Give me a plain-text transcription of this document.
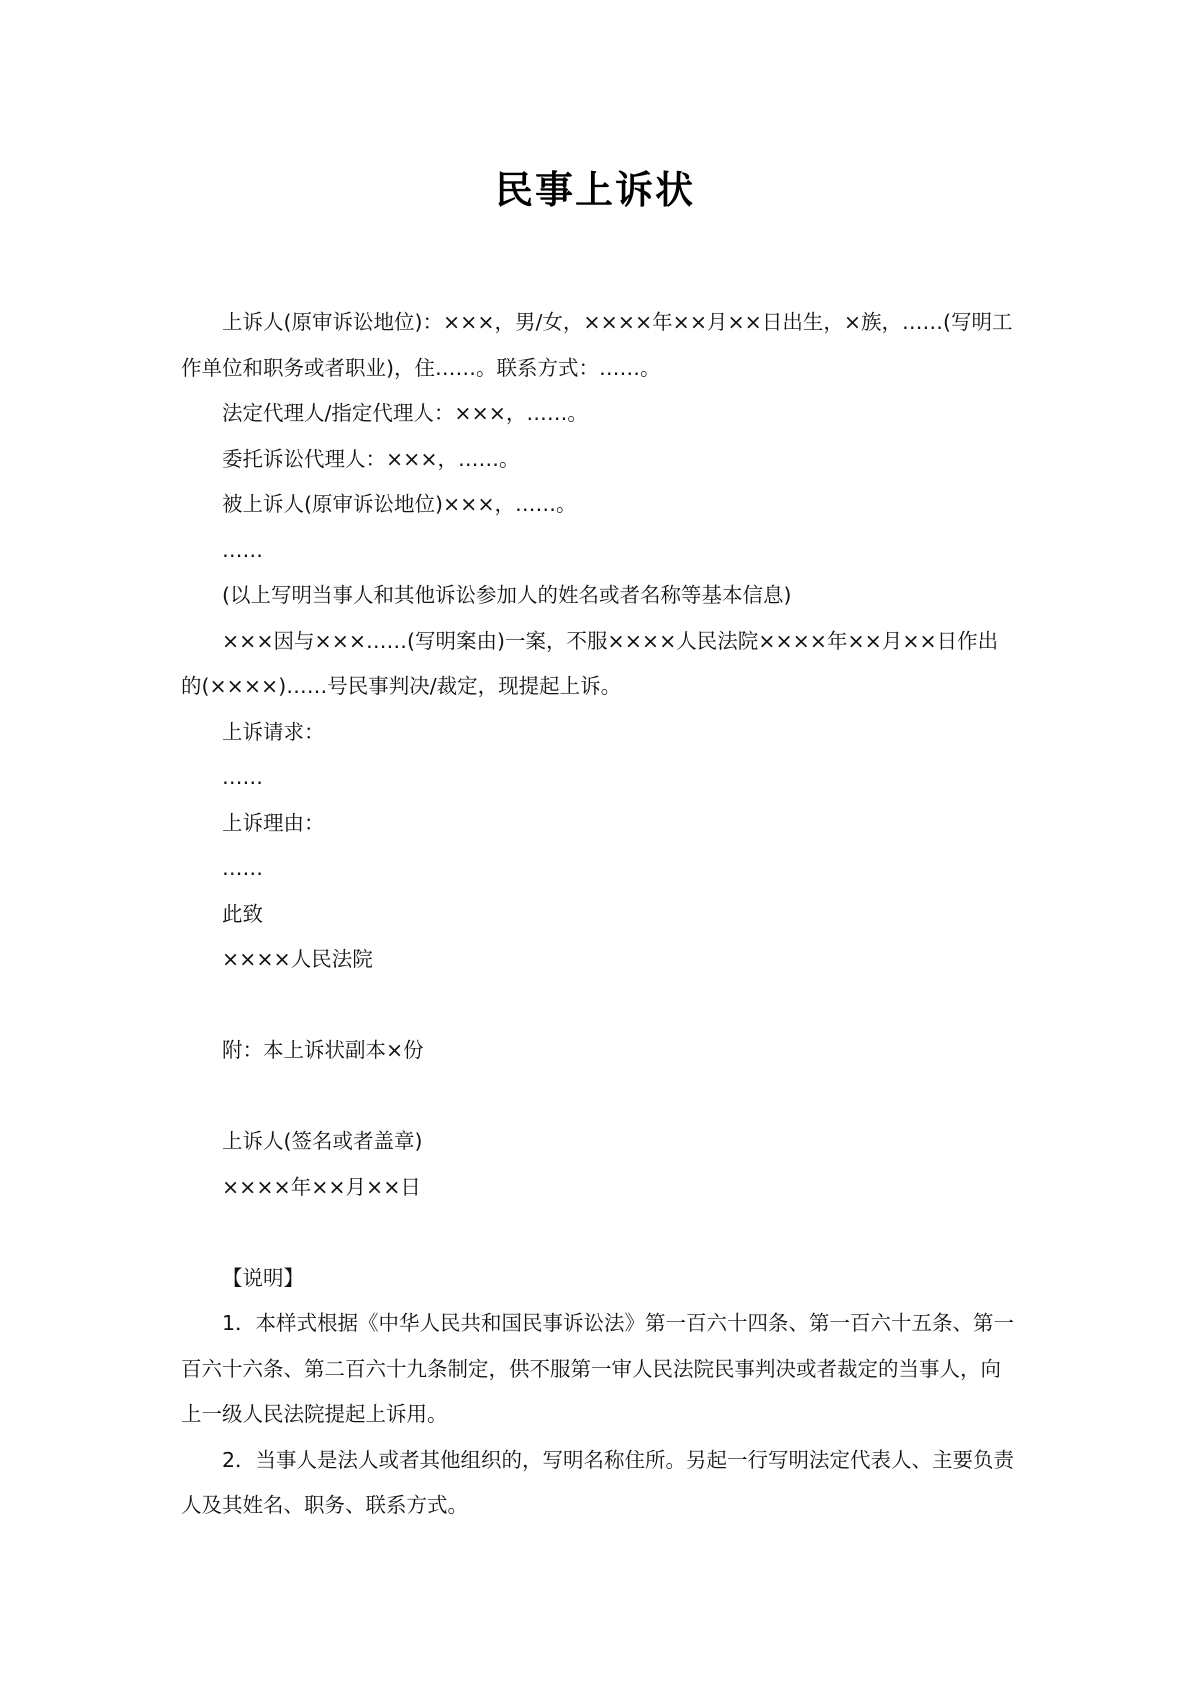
民事上诉状

上诉人(原审诉讼地位)：×××，男/女，××××年××月××日出生，×族，……(写明工作单位和职务或者职业)，住……。联系方式：……。

法定代理人/指定代理人：×××，……。

委托诉讼代理人：×××，……。

被上诉人(原审诉讼地位)×××，……。

……

(以上写明当事人和其他诉讼参加人的姓名或者名称等基本信息)

×××因与×××……(写明案由)一案，不服××××人民法院××××年××月××日作出的(××××)……号民事判决/裁定，现提起上诉。

上诉请求：

……

上诉理由：

……

此致

××××人民法院

附：本上诉状副本×份

上诉人(签名或者盖章)

××××年××月××日

【说明】

1．本样式根据《中华人民共和国民事诉讼法》第一百六十四条、第一百六十五条、第一百六十六条、第二百六十九条制定，供不服第一审人民法院民事判决或者裁定的当事人，向上一级人民法院提起上诉用。

2．当事人是法人或者其他组织的，写明名称住所。另起一行写明法定代表人、主要负责人及其姓名、职务、联系方式。
